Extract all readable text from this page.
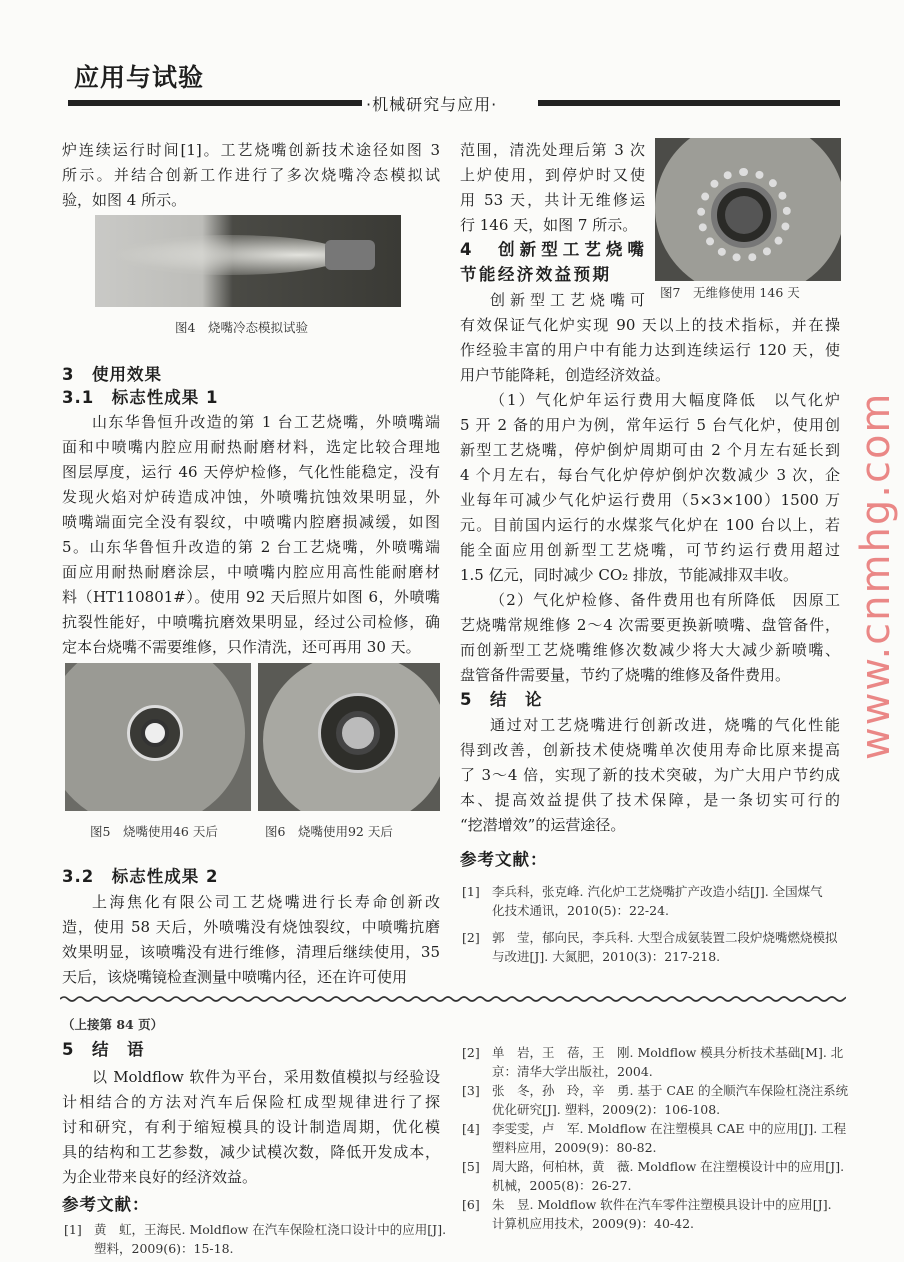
应用与试验
·机械研究与应用·
www.cnmhg.com
炉连续运行时间[1]。工艺烧嘴创新技术途径如图 3
所示。并结合创新工作进行了多次烧嘴冷态模拟试
验，如图 4 所示。
图4　烧嘴冷态模拟试验
3　使用效果
3.1　标志性成果 1
山东华鲁恒升改造的第 1 台工艺烧嘴，外喷嘴端
面和中喷嘴内腔应用耐热耐磨材料，选定比较合理地
图层厚度，运行 46 天停炉检修，气化性能稳定，没有
发现火焰对炉砖造成冲蚀，外喷嘴抗蚀效果明显，外
喷嘴端面完全没有裂纹，中喷嘴内腔磨损减缓，如图
5。山东华鲁恒升改造的第 2 台工艺烧嘴，外喷嘴端
面应用耐热耐磨涂层，中喷嘴内腔应用高性能耐磨材
料（HT110801#）。使用 92 天后照片如图 6，外喷嘴
抗裂性能好，中喷嘴抗磨效果明显，经过公司检修，确
定本台烧嘴不需要维修，只作清洗，还可再用 30 天。
图5　烧嘴使用46 天后	图6　烧嘴使用92 天后
3.2　标志性成果 2
上海焦化有限公司工艺烧嘴进行长寿命创新改
造，使用 58 天后，外喷嘴没有烧蚀裂纹，中喷嘴抗磨
效果明显，该喷嘴没有进行维修，清理后继续使用，35
天后，该烧嘴镜检查测量中喷嘴内径，还在许可使用
范围，清洗处理后第 3 次
上炉使用，到停炉时又使
用 53 天，共计无维修运
行 146 天，如图 7 所示。
4　创新型工艺烧嘴
节能经济效益预期
图7　无维修使用 146 天
创新型工艺烧嘴可
有效保证气化炉实现 90 天以上的技术指标，并在操
作经验丰富的用户中有能力达到连续运行 120 天，使
用户节能降耗，创造经济效益。
（1）气化炉年运行费用大幅度降低　以气化炉
5 开 2 备的用户为例，常年运行 5 台气化炉，使用创
新型工艺烧嘴，停炉倒炉周期可由 2 个月左右延长到
4 个月左右，每台气化炉停炉倒炉次数减少 3 次，企
业每年可减少气化炉运行费用（5×3×100）1500 万
元。目前国内运行的水煤浆气化炉在 100 台以上，若
能全面应用创新型工艺烧嘴，可节约运行费用超过
1.5 亿元，同时减少 CO₂ 排放，节能减排双丰收。
（2）气化炉检修、备件费用也有所降低　因原工
艺烧嘴常规维修 2～4 次需要更换新喷嘴、盘管备件，
而创新型工艺烧嘴维修次数减少将大大减少新喷嘴、
盘管备件需要量，节约了烧嘴的维修及备件费用。
5　结　论
通过对工艺烧嘴进行创新改进，烧嘴的气化性能
得到改善，创新技术使烧嘴单次使用寿命比原来提高
了 3～4 倍，实现了新的技术突破，为广大用户节约成
本、提高效益提供了技术保障，是一条切实可行的
“挖潜增效”的运营途径。
参考文献：
[1] 李兵科，张克峰. 汽化炉工艺烧嘴扩产改造小结[J]. 全国煤气
化技术通讯，2010(5)：22-24.
[2] 郭　莹，郁向民，李兵科. 大型合成氨装置二段炉烧嘴燃烧模拟
与改进[J]. 大氮肥，2010(3)：217-218.
（上接第 84 页）
5　结　语
以 Moldflow 软件为平台，采用数值模拟与经验设
计相结合的方法对汽车后保险杠成型规律进行了探
讨和研究，有利于缩短模具的设计制造周期，优化模
具的结构和工艺参数，减少试模次数，降低开发成本，
为企业带来良好的经济效益。
参考文献：
[1] 黄　虹，王海民. Moldflow 在汽车保险杠浇口设计中的应用[J].
塑料，2009(6)：15-18.
[2] 单　岩，王　蓓，王　刚. Moldflow 模具分析技术基础[M]. 北
京：清华大学出版社，2004.
[3] 张　冬，孙　玲，辛　勇. 基于 CAE 的全顺汽车保险杠浇注系统
优化研究[J]. 塑料，2009(2)：106-108.
[4] 李雯雯，卢　军. Moldflow 在注塑模具 CAE 中的应用[J]. 工程
塑料应用，2009(9)：80-82.
[5] 周大路，何柏林，黄　薇. Moldflow 在注塑模设计中的应用[J].
机械，2005(8)：26-27.
[6] 朱　昱. Moldflow 软件在汽车零件注塑模具设计中的应用[J].
计算机应用技术，2009(9)：40-42.
